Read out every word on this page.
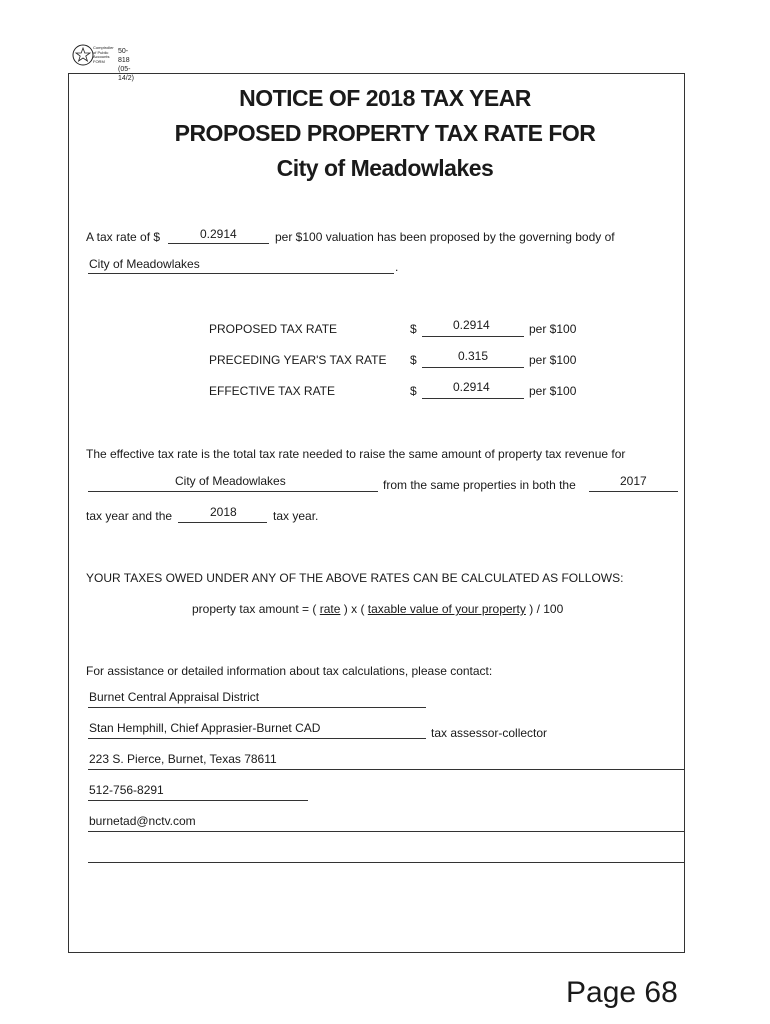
Comptroller
of Public
Accounts
FORM
50-818
(05-14/2)
NOTICE OF 2018 TAX YEAR
PROPOSED PROPERTY TAX RATE FOR
City of Meadowlakes
A tax rate of $	0.2914	per $100 valuation has been proposed by the governing body of
City of Meadowlakes	.
PROPOSED TAX RATE	$	0.2914	per $100
PRECEDING YEAR'S TAX RATE $	0.315	per $100
EFFECTIVE TAX RATE	$	0.2914	per $100
The effective tax rate is the total tax rate needed to raise the same amount of property tax revenue for
City of Meadowlakes	from the same properties in both the	2017
tax year and the	2018	tax year.
YOUR TAXES OWED UNDER ANY OF THE ABOVE RATES CAN BE CALCULATED AS FOLLOWS:
property tax amount = ( rate ) x ( taxable value of your property ) / 100
For assistance or detailed information about tax calculations, please contact:
Burnet Central Appraisal District
Stan Hemphill, Chief Apprasier-Burnet CAD	tax assessor-collector
223 S. Pierce, Burnet, Texas 78611
512-756-8291
burnetad@nctv.com
Page 68
